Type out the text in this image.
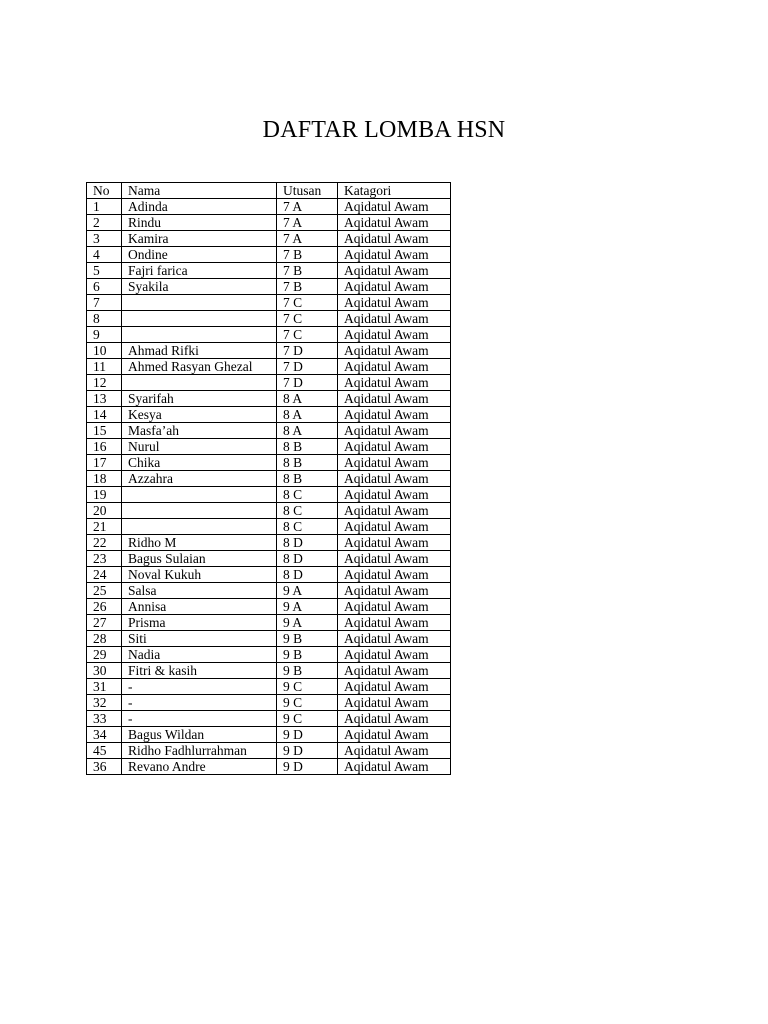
DAFTAR LOMBA HSN
No	Nama	Utusan	Katagori
1	Adinda	7 A	Aqidatul Awam
2	Rindu	7 A	Aqidatul Awam
3	Kamira	7 A	Aqidatul Awam
4	Ondine	7 B	Aqidatul Awam
5	Fajri farica	7 B	Aqidatul Awam
6	Syakila	7 B	Aqidatul Awam
7		7 C	Aqidatul Awam
8		7 C	Aqidatul Awam
9		7 C	Aqidatul Awam
10	Ahmad Rifki	7 D	Aqidatul Awam
11	Ahmed Rasyan Ghezal	7 D	Aqidatul Awam
12		7 D	Aqidatul Awam
13	Syarifah	8 A	Aqidatul Awam
14	Kesya	8 A	Aqidatul Awam
15	Masfa’ah	8 A	Aqidatul Awam
16	Nurul	8 B	Aqidatul Awam
17	Chika	8 B	Aqidatul Awam
18	Azzahra	8 B	Aqidatul Awam
19		8 C	Aqidatul Awam
20		8 C	Aqidatul Awam
21		8 C	Aqidatul Awam
22	Ridho M	8 D	Aqidatul Awam
23	Bagus Sulaian	8 D	Aqidatul Awam
24	Noval Kukuh	8 D	Aqidatul Awam
25	Salsa	9 A	Aqidatul Awam
26	Annisa	9 A	Aqidatul Awam
27	Prisma	9 A	Aqidatul Awam
28	Siti	9 B	Aqidatul Awam
29	Nadia	9 B	Aqidatul Awam
30	Fitri & kasih	9 B	Aqidatul Awam
31	-	9 C	Aqidatul Awam
32	-	9 C	Aqidatul Awam
33	-	9 C	Aqidatul Awam
34	Bagus Wildan	9 D	Aqidatul Awam
45	Ridho Fadhlurrahman	9 D	Aqidatul Awam
36	Revano Andre	9 D	Aqidatul Awam
